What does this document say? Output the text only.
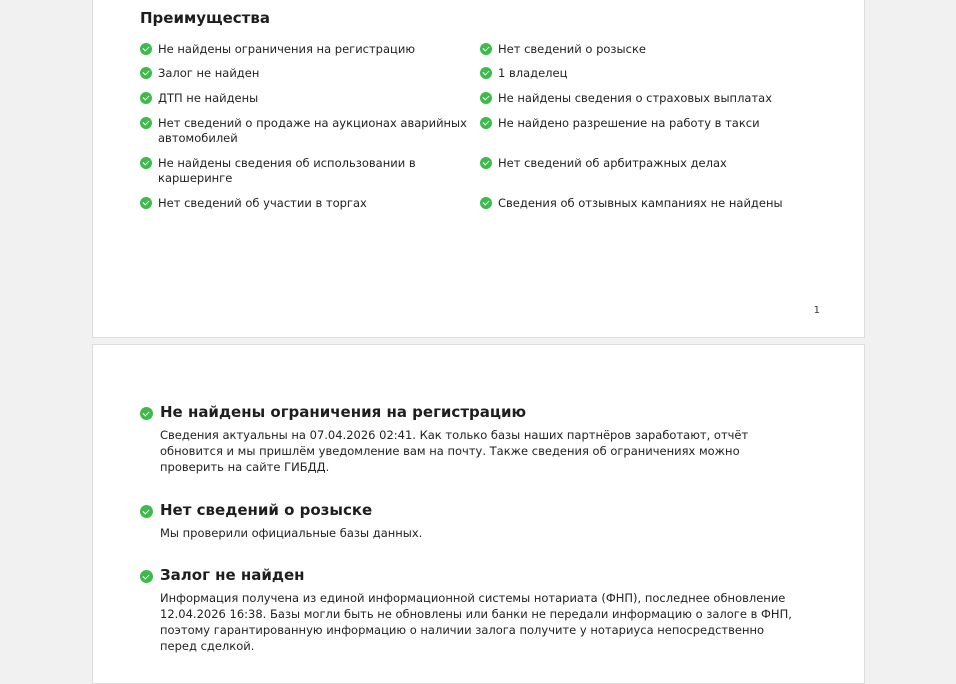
Преимущества
Не найдены ограничения на регистрацию
Залог не найден
ДТП не найдены
Нет сведений о продаже на аукционах аварийных автомобилей
Не найдены сведения об использовании в каршеринге
Нет сведений об участии в торгах
Нет сведений о розыске
1 владелец
Не найдены сведения о страховых выплатах
Не найдено разрешение на работу в такси
Нет сведений об арбитражных делах
Сведения об отзывных кампаниях не найдены
1
Не найдены ограничения на регистрацию

Сведения актуальны на 07.04.2026 02:41. Как только базы наших партнёров заработают, отчёт обновится и мы пришлём уведомление вам на почту. Также сведения об ограничениях можно проверить на сайте ГИБДД.

Нет сведений о розыске

Мы проверили официальные базы данных.

Залог не найден

Информация получена из единой информационной системы нотариата (ФНП), последнее обновление 12.04.2026 16:38. Базы могли быть не обновлены или банки не передали информацию о залоге в ФНП, поэтому гарантированную информацию о наличии залога получите у нотариуса непосредственно перед сделкой.
